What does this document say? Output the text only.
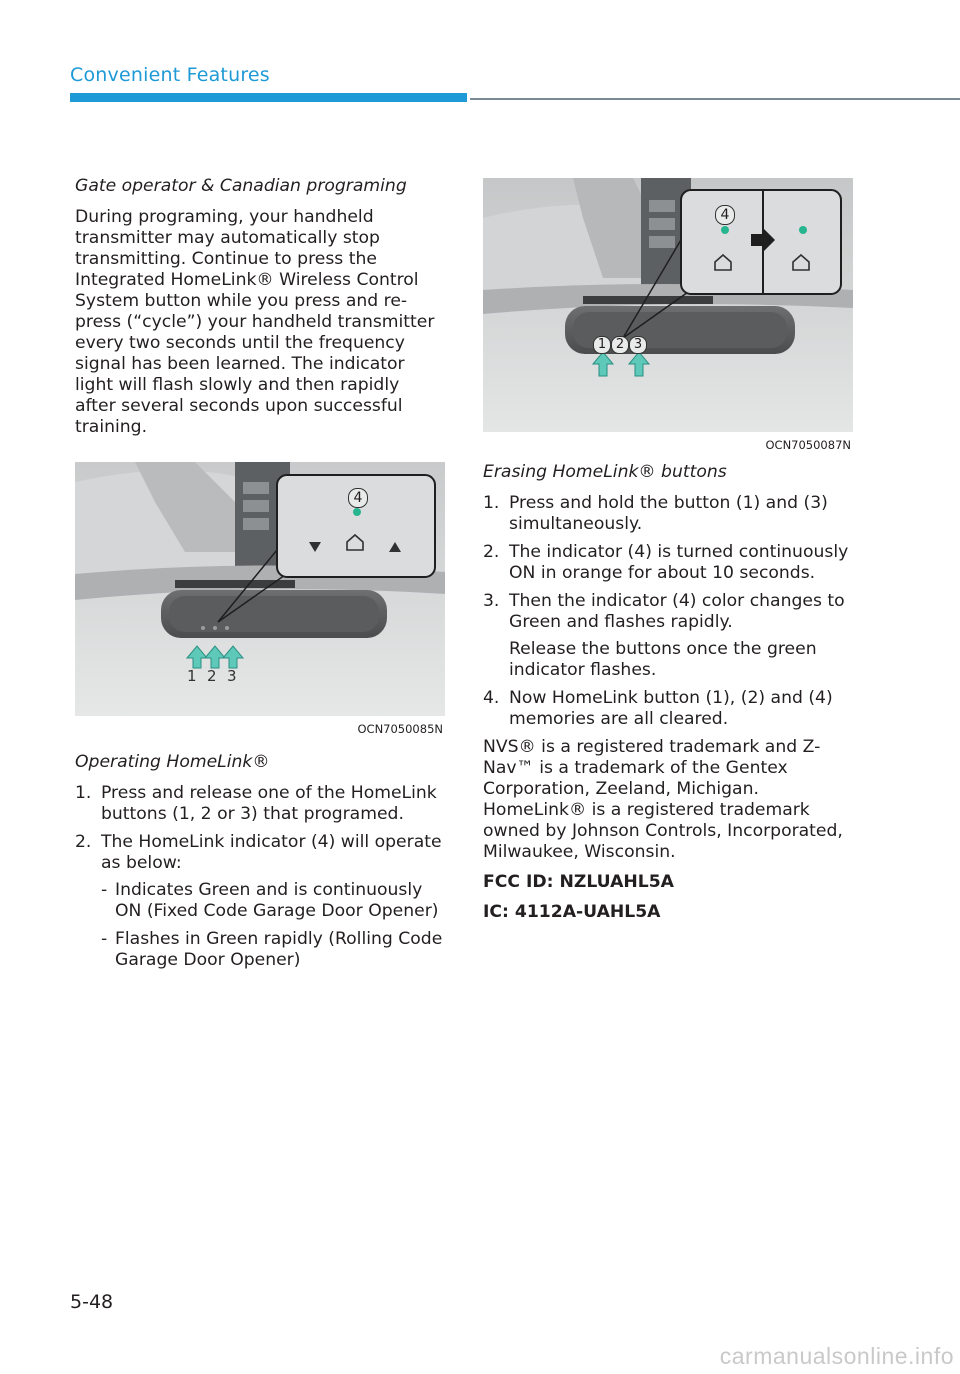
Convenient Features
Gate operator & Canadian programing
During programing, your handheld transmitter may automatically stop transmitting. Continue to press the Integrated HomeLink® Wireless Control System button while you press and re-press (“cycle”) your handheld transmitter every two seconds until the frequency signal has been learned. The indicator light will flash slowly and then rapidly after several seconds upon successful training.
4
1 2 3
OCN7050085N
Operating HomeLink®
1. Press and release one of the HomeLink buttons (1, 2 or 3) that programed.
2. The HomeLink indicator (4) will operate as below:
- Indicates Green and is continuously ON (Fixed Code Garage Door Opener)
- Flashes in Green rapidly (Rolling Code Garage Door Opener)
4
1 2 3
OCN7050087N
Erasing HomeLink® buttons
1. Press and hold the button (1) and (3) simultaneously.
2. The indicator (4) is turned continuously ON in orange for about 10 seconds.
3. Then the indicator (4) color changes to Green and flashes rapidly.
Release the buttons once the green indicator flashes.
4. Now HomeLink button (1), (2) and (4) memories are all cleared.
NVS® is a registered trademark and Z-Nav™ is a trademark of the Gentex Corporation, Zeeland, Michigan. HomeLink® is a registered trademark owned by Johnson Controls, Incorporated, Milwaukee, Wisconsin.
FCC ID: NZLUAHL5A
IC: 4112A-UAHL5A
5-48
carmanualsonline.info
